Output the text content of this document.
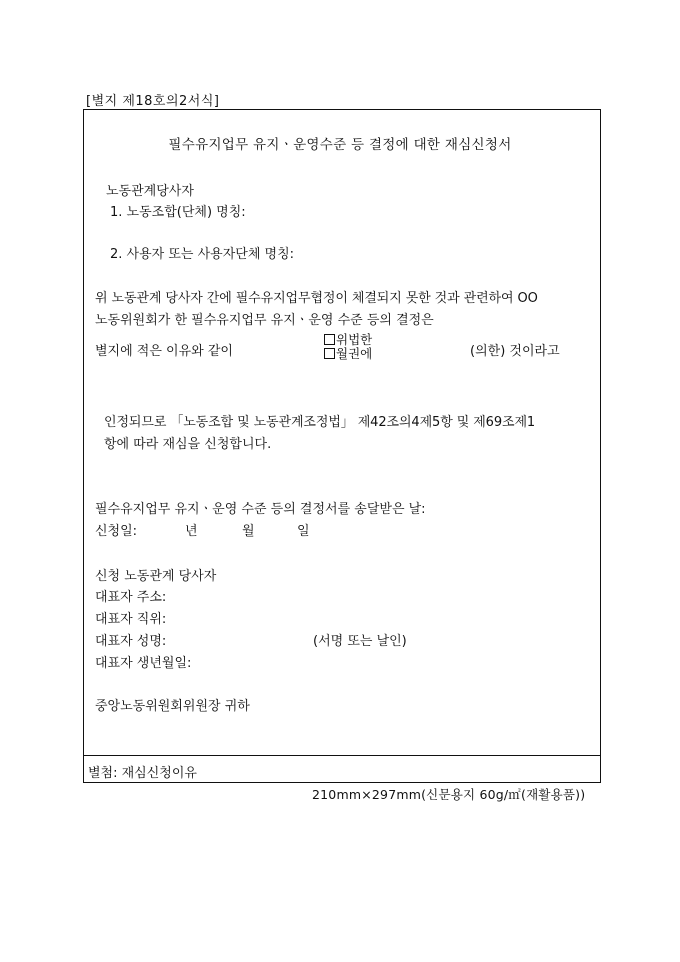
[별지 제18호의2서식]
필수유지업무 유지ㆍ운영수준 등 결정에 대한 재심신청서
노동관계당사자
1. 노동조합(단체) 명칭:
2. 사용자 또는 사용자단체 명칭:
위 노동관계 당사자 간에 필수유지업무협정이 체결되지 못한 것과 관련하여 OO
노동위원회가 한 필수유지업무 유지ㆍ운영 수준 등의 결정은
별지에 적은 이유와 같이
위법한
월권에	(의한) 것이라고
인정되므로 「노동조합 및 노동관계조정법」 제42조의4제5항 및 제69조제1
항에 따라 재심을 신청합니다.
필수유지업무 유지ㆍ운영 수준 등의 결정서를 송달받은 날:
신청일:	년	월	일
신청 노동관계 당사자
대표자 주소:
대표자 직위:
대표자 성명:	(서명 또는 날인)
대표자 생년월일:
중앙노동위원회위원장 귀하
별첨: 재심신청이유
210mm×297mm(신문용지 60g/㎡(재활용품))
